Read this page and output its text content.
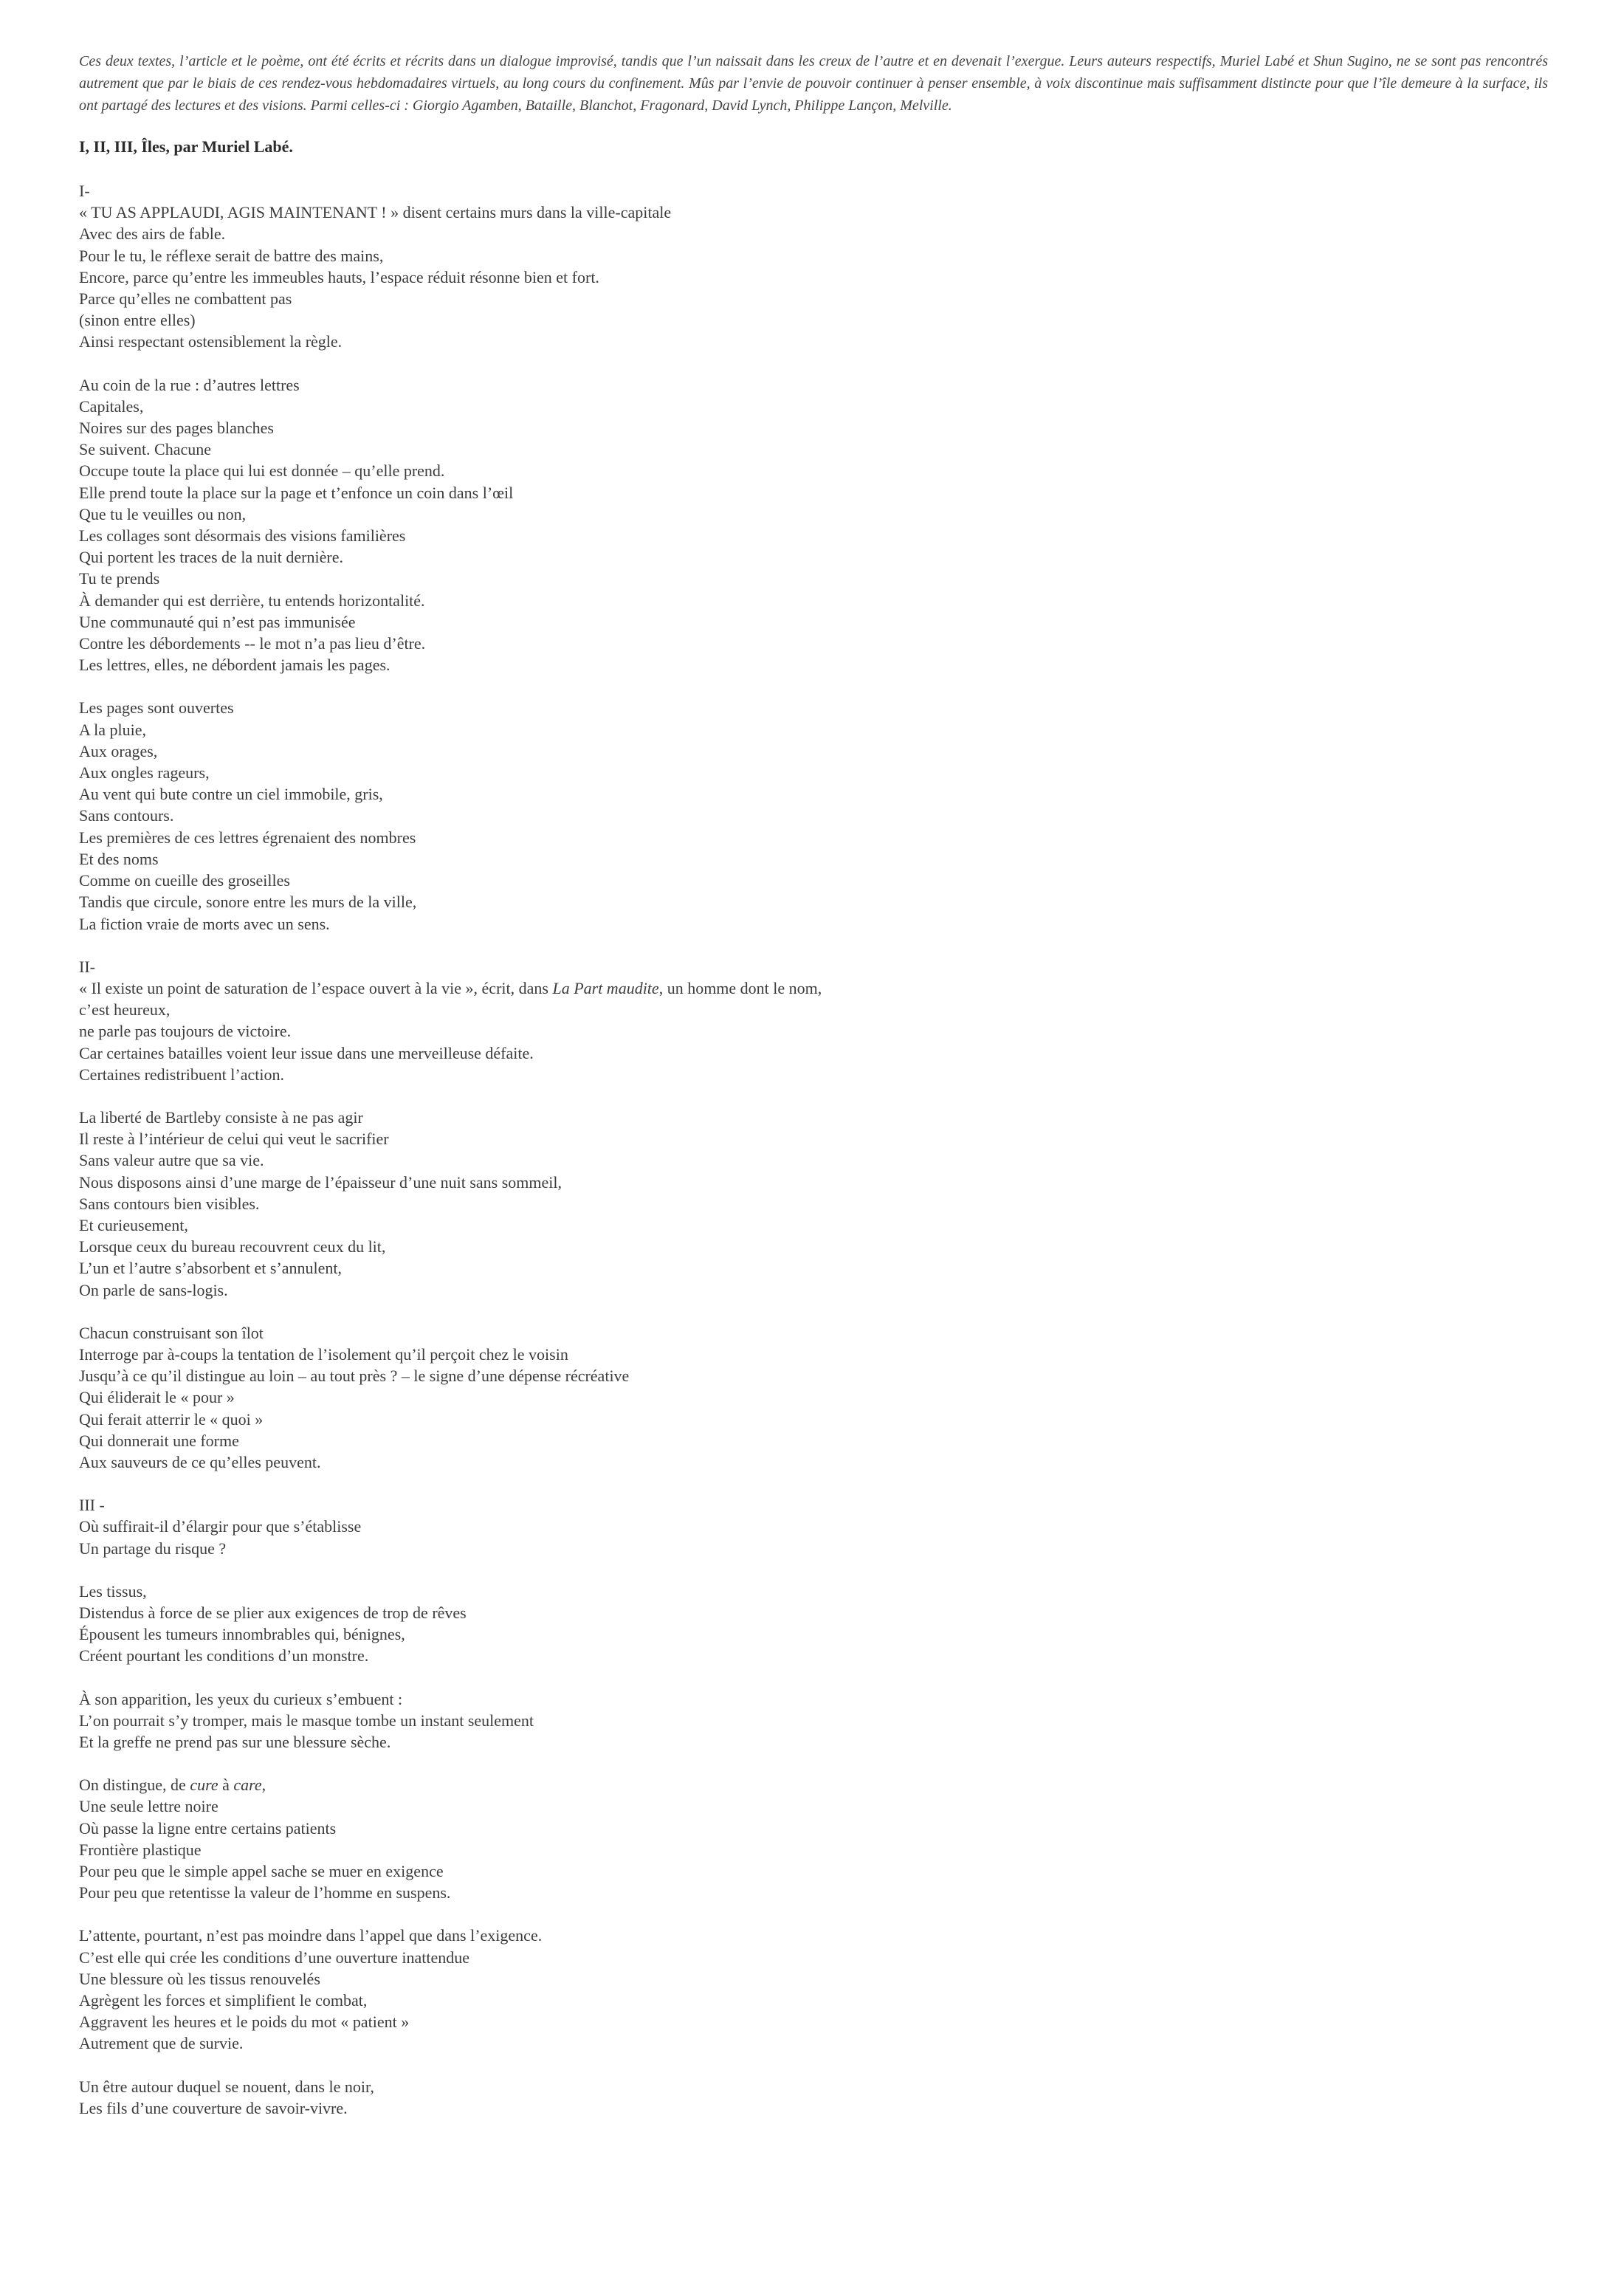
Ces deux textes, l’article et le poème, ont été écrits et récrits dans un dialogue improvisé, tandis que l’un naissait dans les creux de l’autre et en devenait l’exergue. Leurs auteurs respectifs, Muriel Labé et Shun Sugino, ne se sont pas rencontrés autrement que par le biais de ces rendez-vous hebdomadaires virtuels, au long cours du confinement. Mûs par l’envie de pouvoir continuer à penser ensemble, à voix discontinue mais suffisamment distincte pour que l’île demeure à la surface, ils ont partagé des lectures et des visions. Parmi celles-ci : Giorgio Agamben, Bataille, Blanchot, Fragonard, David Lynch, Philippe Lançon, Melville.

I, II, III, Îles, par Muriel Labé.
I-
« TU AS APPLAUDI, AGIS MAINTENANT ! » disent certains murs dans la ville-capitale
Avec des airs de fable.
Pour le tu, le réflexe serait de battre des mains,
Encore, parce qu’entre les immeubles hauts, l’espace réduit résonne bien et fort.
Parce qu’elles ne combattent pas
(sinon entre elles)
Ainsi respectant ostensiblement la règle.
Au coin de la rue : d’autres lettres
Capitales,
Noires sur des pages blanches
Se suivent. Chacune
Occupe toute la place qui lui est donnée – qu’elle prend.
Elle prend toute la place sur la page et t’enfonce un coin dans l’œil
Que tu le veuilles ou non,
Les collages sont désormais des visions familières
Qui portent les traces de la nuit dernière.
Tu te prends
À demander qui est derrière, tu entends horizontalité.
Une communauté qui n’est pas immunisée
Contre les débordements -- le mot n’a pas lieu d’être.
Les lettres, elles, ne débordent jamais les pages.
Les pages sont ouvertes
A la pluie,
Aux orages,
Aux ongles rageurs,
Au vent qui bute contre un ciel immobile, gris,
Sans contours.
Les premières de ces lettres égrenaient des nombres
Et des noms
Comme on cueille des groseilles
Tandis que circule, sonore entre les murs de la ville,
La fiction vraie de morts avec un sens.
II-
« Il existe un point de saturation de l’espace ouvert à la vie », écrit, dans La Part maudite, un homme dont le nom,
c’est heureux,
ne parle pas toujours de victoire.
Car certaines batailles voient leur issue dans une merveilleuse défaite.
Certaines redistribuent l’action.
La liberté de Bartleby consiste à ne pas agir
Il reste à l’intérieur de celui qui veut le sacrifier
Sans valeur autre que sa vie.
Nous disposons ainsi d’une marge de l’épaisseur d’une nuit sans sommeil,
Sans contours bien visibles.
Et curieusement,
Lorsque ceux du bureau recouvrent ceux du lit,
L’un et l’autre s’absorbent et s’annulent,
On parle de sans-logis.
Chacun construisant son îlot
Interroge par à-coups la tentation de l’isolement qu’il perçoit chez le voisin
Jusqu’à ce qu’il distingue au loin – au tout près ? – le signe d’une dépense récréative
Qui éliderait le « pour »
Qui ferait atterrir le « quoi »
Qui donnerait une forme
Aux sauveurs de ce qu’elles peuvent.
III -
Où suffirait-il d’élargir pour que s’établisse
Un partage du risque ?
Les tissus,
Distendus à force de se plier aux exigences de trop de rêves
Épousent les tumeurs innombrables qui, bénignes,
Créent pourtant les conditions d’un monstre.
À son apparition, les yeux du curieux s’embuent :
L’on pourrait s’y tromper, mais le masque tombe un instant seulement
Et la greffe ne prend pas sur une blessure sèche.
On distingue, de cure à care,
Une seule lettre noire
Où passe la ligne entre certains patients
Frontière plastique
Pour peu que le simple appel sache se muer en exigence
Pour peu que retentisse la valeur de l’homme en suspens.
L’attente, pourtant, n’est pas moindre dans l’appel que dans l’exigence.
C’est elle qui crée les conditions d’une ouverture inattendue
Une blessure où les tissus renouvelés
Agrègent les forces et simplifient le combat,
Aggravent les heures et le poids du mot « patient »
Autrement que de survie.
Un être autour duquel se nouent, dans le noir,
Les fils d’une couverture de savoir-vivre.
